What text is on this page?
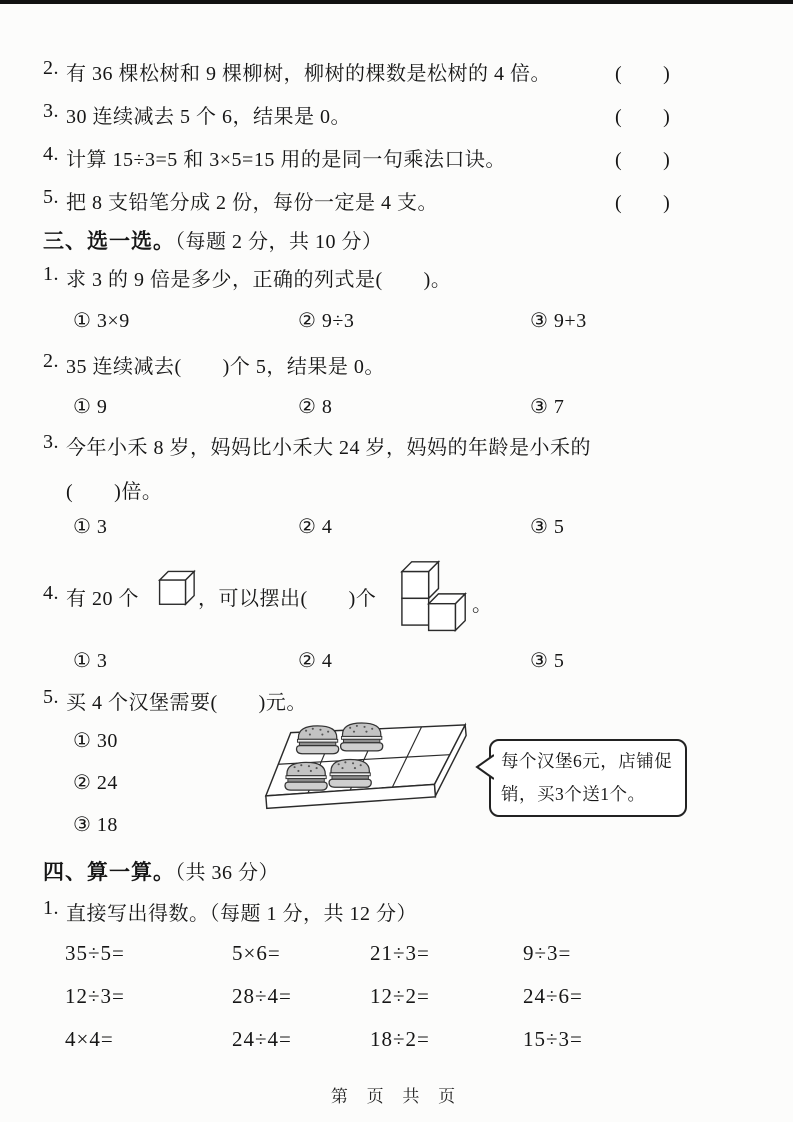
2. 有 36 棵松树和 9 棵柳树，柳树的棵数是松树的 4 倍。	(　　)
3. 30 连续减去 5 个 6，结果是 0。	(　　)
4. 计算 15÷3=5 和 3×5=15 用的是同一句乘法口诀。	(　　)
5. 把 8 支铅笔分成 2 份，每份一定是 4 支。	(　　)
三、选一选。（每题 2 分，共 10 分）
1. 求 3 的 9 倍是多少，正确的列式是(　　)。
① 3×9	② 9÷3	③ 9+3
2. 35 连续减去(　　)个 5，结果是 0。
① 9	② 8	③ 7
3. 今年小禾 8 岁，妈妈比小禾大 24 岁，妈妈的年龄是小禾的
(　　)倍。
① 3	② 4	③ 5
4. 有 20 个	，可以摆出(　　)个	。
① 3	② 4	③ 5
5. 买 4 个汉堡需要(　　)元。
① 30
② 24
③ 18
每个汉堡6元，店铺促
销，买3个送1个。
四、算一算。（共 36 分）
1. 直接写出得数。（每题 1 分，共 12 分）
35÷5=	5×6=	21÷3=	9÷3=
12÷3=	28÷4=	12÷2=	24÷6=
4×4=	24÷4=	18÷2=	15÷3=
第 页 共 页
